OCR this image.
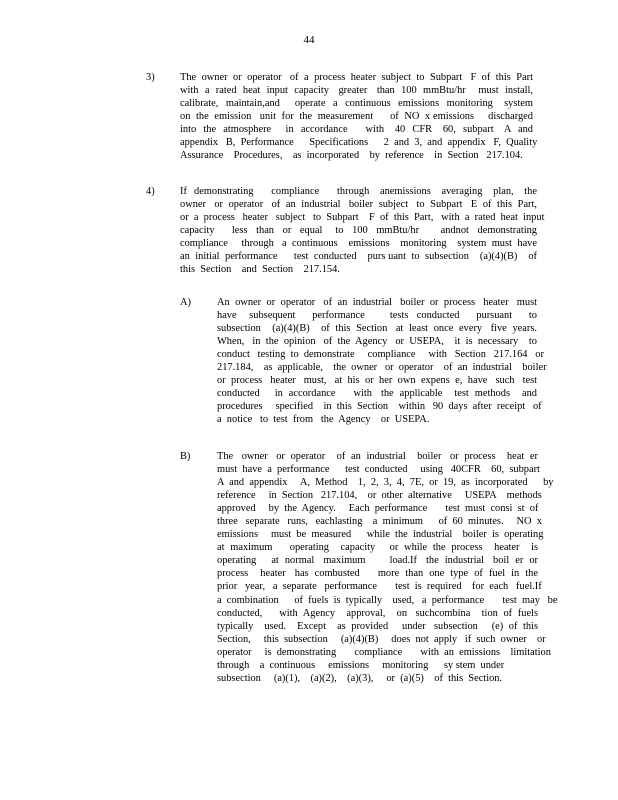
44
3) The  owner  or  operator   of  a  process  heater  subject  to  Subpart   F  of  this  Part
with  a  rated  heat  input  capacity   greater   than  100  mmBtu/hr    must  install,
calibrate,  maintain,and    operate  a  continuous  emissions  monitoring   system
on  the  emission   unit  for  the  measurement      of  NO  x emissions     discharged
into  the  atmosphere    in  accordance     with   40  CFR   60,  subpart   A  and
appendix   B,  Performance      Specifications      2  and  3,  and  appendix   F,  Quality
Assurance    Procedures,    as  incorporated    by  reference    in  Section   217.104.
4) If  demonstrating     compliance     through   anemissions   averaging   plan,   the
owner   or  operator   of  an  industrial   boiler  subject   to  Subpart   E  of  this  Part,
or  a  process   heater   subject   to  Subpart    F  of  this  Part,   with  a  rated  heat  input
capacity    less  than  or  equal   to  100  mmBtu/hr     andnot  demonstrating
compliance     through   a  continuous    emissions    monitoring    system  must  have
an  initial  performance      test  conducted    purs uant  to  subsection    (a)(4)(B)    of
this  Section    and  Section    217.154.
A)	An  owner  or  operator   of  an  industrial   boiler  or  process   heater   must
have   subsequent    performance      tests  conducted    pursuant    to
subsection    (a)(4)(B)    of  this  Section   at  least  once  every   five  years.
When,   in  the  opinion   of  the  Agency   or  USEPA,    it  is  necessary    to
conduct   testing  to  demonstrate     compliance     with   Section   217.164   or
217.184,    as  applicable,    the  owner   or  operator    of  an  industrial    boiler
or  process   heater   must,   at  his  or  her  own  expens  e,  have   such   test
conducted     in  accordance      with   the  applicable    test  methods    and
procedures     specified    in  this  Section    within   90  days  after  receipt   of
a  notice   to  test  from   the  Agency    or  USEPA.
B)	The   owner   or  operator    of  an  industrial    boiler   or  process    heat  er
must  have  a  performance      test  conducted     using   40CFR    60,  subpart
A  and  appendix     A,  Method    1,  2,  3,  4,  7E,  or  19,  as  incorporated      by
reference     in  Section   217.104,    or  other  alternative     USEPA    methods
approved     by  the  Agency.     Each  performance       test  must  consi  st  of
three   separate   runs,   eachlasting    a  minimum      of  60  minutes.     NO  x
emissions     must  be  measured      while  the  industrial    boiler  is  operating
at  maximum      operating    capacity     or  while  the  process    heater    is
operating     at  normal   maximum        load.If   the  industrial   boil  er  or
process    heater   has  combusted      more  than  one  type  of  fuel  in  the
prior   year,   a  separate   performance       test  is  required    for  each   fuel.If
a  combination      of  fuels  is  typically    used,   a  performance       test  may   be
conducted,      with  Agency    approval,    on   suchcombina    tion  of  fuels
typically    used.    Except    as  provided     under   subsection     (e)  of  this
Section,     this  subsection     (a)(4)(B)     does  not  apply   if  such  owner    or
operator     is  demonstrating       compliance       with  an  emissions    limitation
through    a  continuous     emissions     monitoring      sy stem  under
subsection     (a)(1),    (a)(2),    (a)(3),     or  (a)(5)    of  this  Section.
